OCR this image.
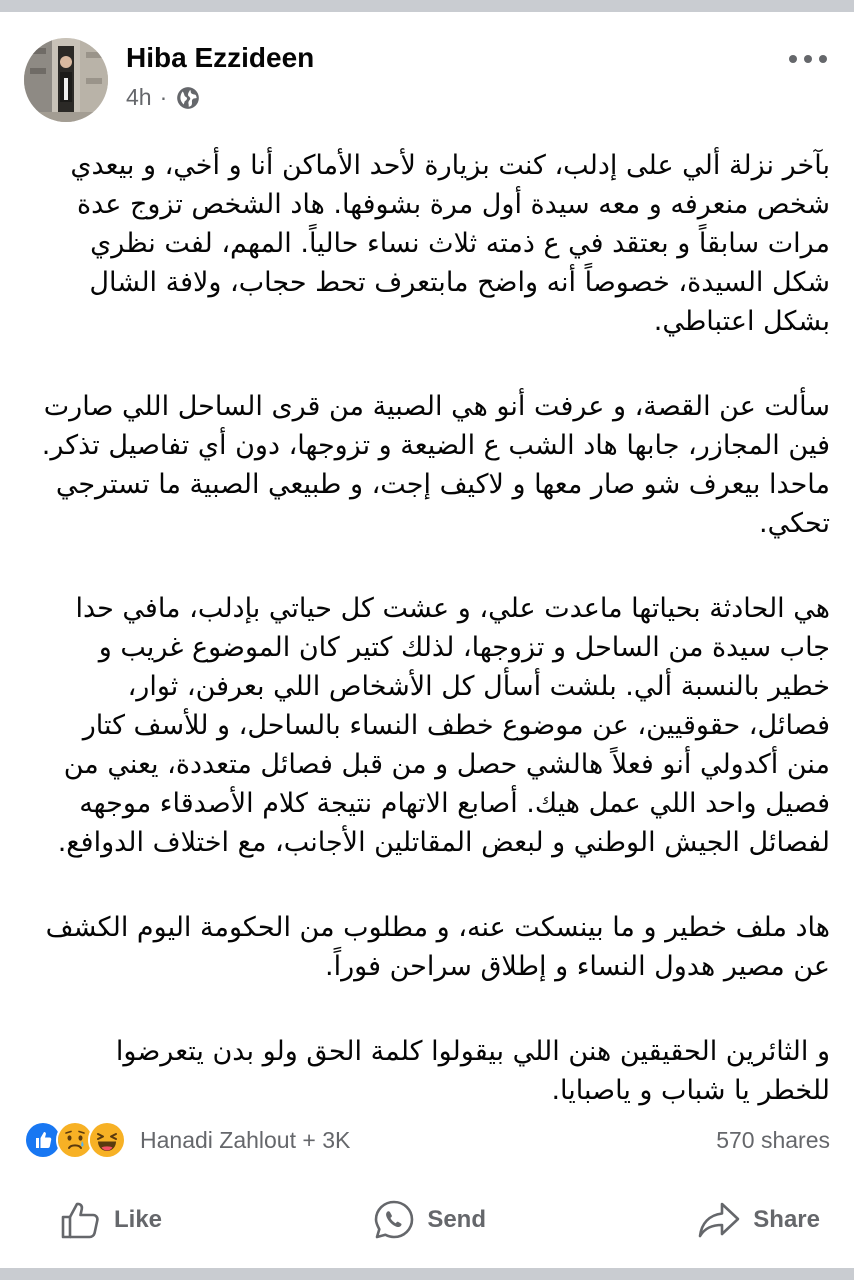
Hiba Ezzideen
4h ·

بآخر نزلة ألي على إدلب، كنت بزيارة لأحد الأماكن أنا و أخي، و بيعدي شخص منعرفه و معه سيدة أول مرة بشوفها. هاد الشخص تزوج عدة مرات سابقاً و بعتقد في ع ذمته ثلاث نساء حالياً. المهم، لفت نظري شكل السيدة، خصوصاً أنه واضح مابتعرف تحط حجاب، ولافة الشال بشكل اعتباطي.

سألت عن القصة، و عرفت أنو هي الصبية من قرى الساحل اللي صارت فين المجازر، جابها هاد الشب ع الضيعة و تزوجها، دون أي تفاصيل تذكر. ماحدا بيعرف شو صار معها و لاكيف إجت، و طبيعي الصبية ما تسترجي تحكي.

هي الحادثة بحياتها ماعدت علي، و عشت كل حياتي بإدلب، مافي حدا جاب سيدة من الساحل و تزوجها، لذلك كتير كان الموضوع غريب و خطير بالنسبة ألي. بلشت أسأل كل الأشخاص اللي بعرفن، ثوار، فصائل، حقوقيين، عن موضوع خطف النساء بالساحل، و للأسف كتار منن أكدولي أنو فعلاً هالشي حصل و من قبل فصائل متعددة، يعني من فصيل واحد اللي عمل هيك. أصابع الاتهام نتيجة كلام الأصدقاء موجهه لفصائل الجيش الوطني و لبعض المقاتلين الأجانب، مع اختلاف الدوافع.

هاد ملف خطير و ما بينسكت عنه، و مطلوب من الحكومة اليوم الكشف عن مصير هدول النساء و إطلاق سراحن فوراً.

و الثائرين الحقيقين هنن اللي بيقولوا كلمة الحق ولو بدن يتعرضوا للخطر يا شباب و ياصبايا.

Hanadi Zahlout + 3K	570 shares
Like	Send	Share
